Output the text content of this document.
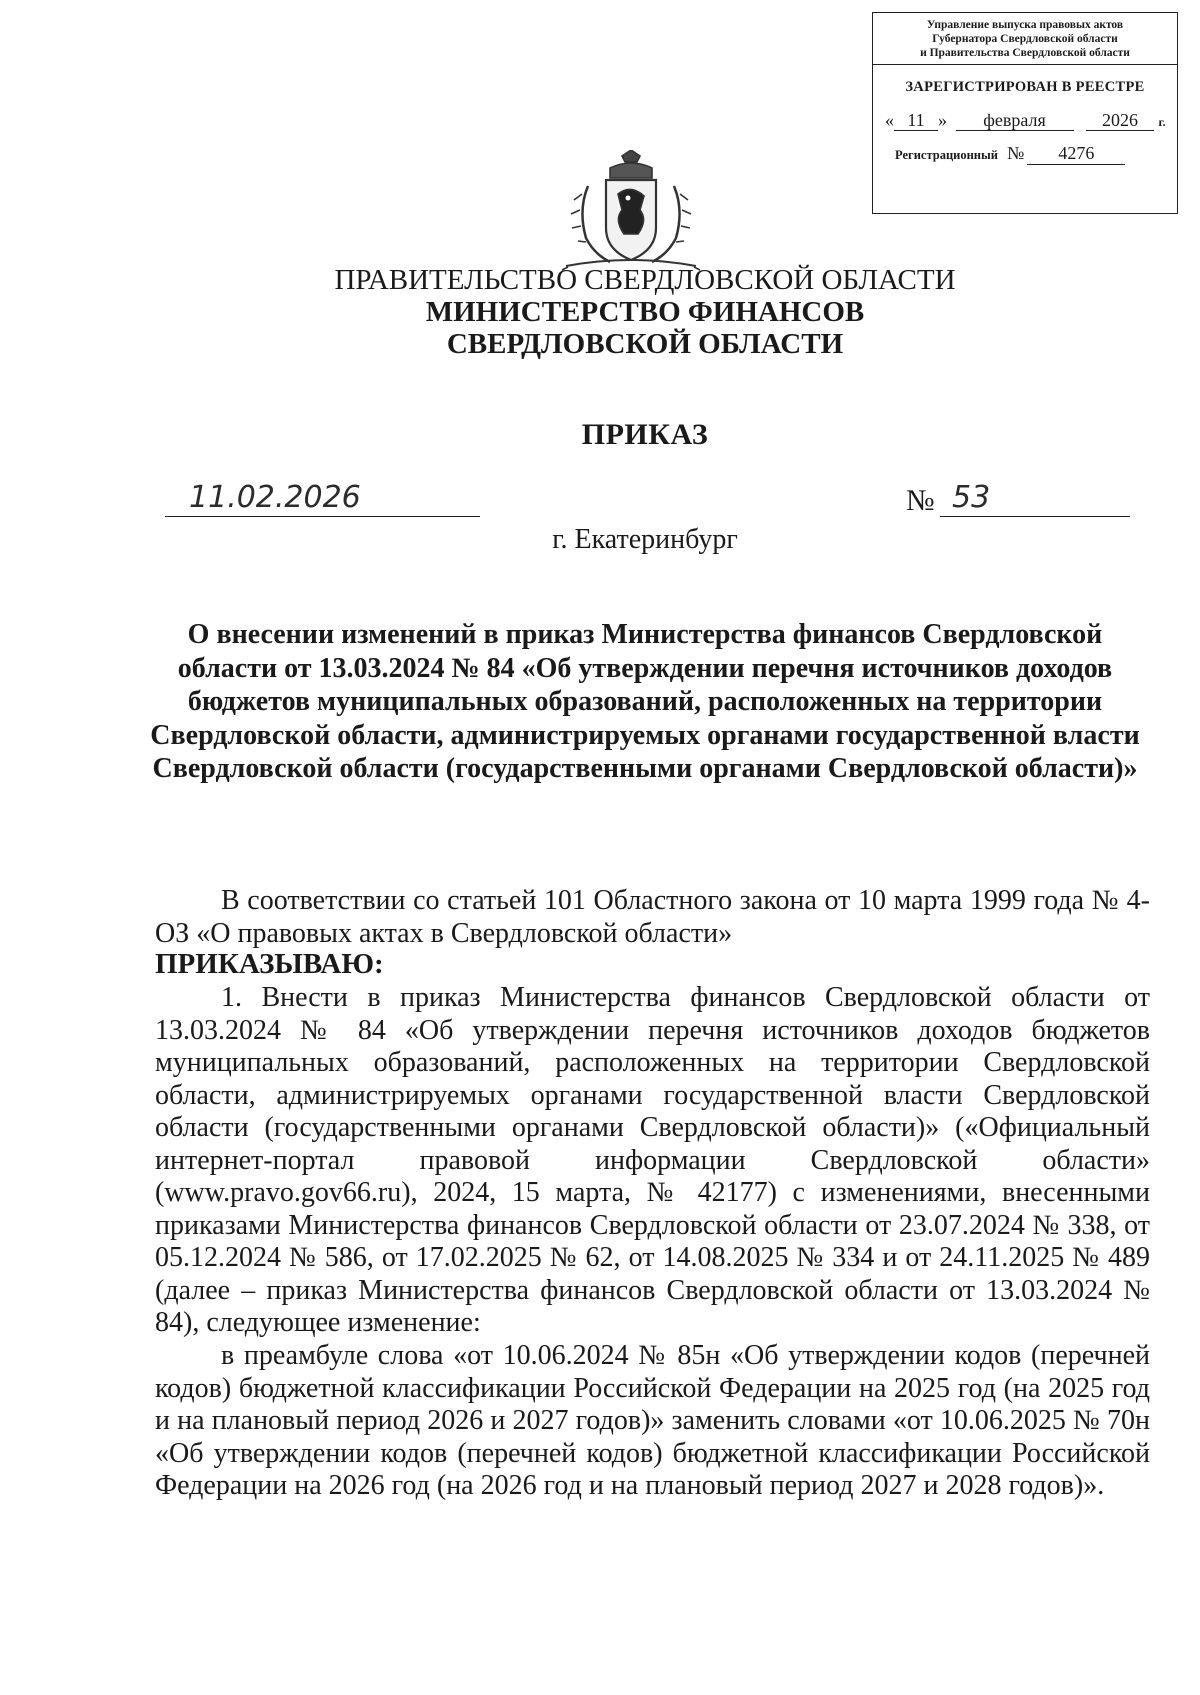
Управление выпуска правовых актов
Губернатора Свердловской области
и Правительства Свердловской области
ЗАРЕГИСТРИРОВАН В РЕЕСТРЕ
« 11 » февраля	2026 г.
Регистрационный № 4276
ПРАВИТЕЛЬСТВО СВЕРДЛОВСКОЙ ОБЛАСТИ
МИНИСТЕРСТВО ФИНАНСОВ
СВЕРДЛОВСКОЙ ОБЛАСТИ
ПРИКАЗ
11.02.2026	№ 53
г. Екатеринбург
О внесении изменений в приказ Министерства финансов Свердловской области от 13.03.2024 № 84 «Об утверждении перечня источников доходов бюджетов муниципальных образований, расположенных на территории Свердловской области, администрируемых органами государственной власти Свердловской области (государственными органами Свердловской области)»
В соответствии со статьей 101 Областного закона от 10 марта 1999 года № 4-ОЗ «О правовых актах в Свердловской области»
ПРИКАЗЫВАЮ:
1. Внести в приказ Министерства финансов Свердловской области от 13.03.2024 № 84 «Об утверждении перечня источников доходов бюджетов муниципальных образований, расположенных на территории Свердловской области, администрируемых органами государственной власти Свердловской области (государственными органами Свердловской области)» («Официальный интернет-портал правовой информации Свердловской области» (www.pravo.gov66.ru), 2024, 15 марта, № 42177) с изменениями, внесенными приказами Министерства финансов Свердловской области от 23.07.2024 № 338, от 05.12.2024 № 586, от 17.02.2025 № 62, от 14.08.2025 № 334 и от 24.11.2025 № 489 (далее – приказ Министерства финансов Свердловской области от 13.03.2024 № 84), следующее изменение:
в преамбуле слова «от 10.06.2024 № 85н «Об утверждении кодов (перечней кодов) бюджетной классификации Российской Федерации на 2025 год (на 2025 год и на плановый период 2026 и 2027 годов)» заменить словами «от 10.06.2025 № 70н «Об утверждении кодов (перечней кодов) бюджетной классификации Российской Федерации на 2026 год (на 2026 год и на плановый период 2027 и 2028 годов)».
